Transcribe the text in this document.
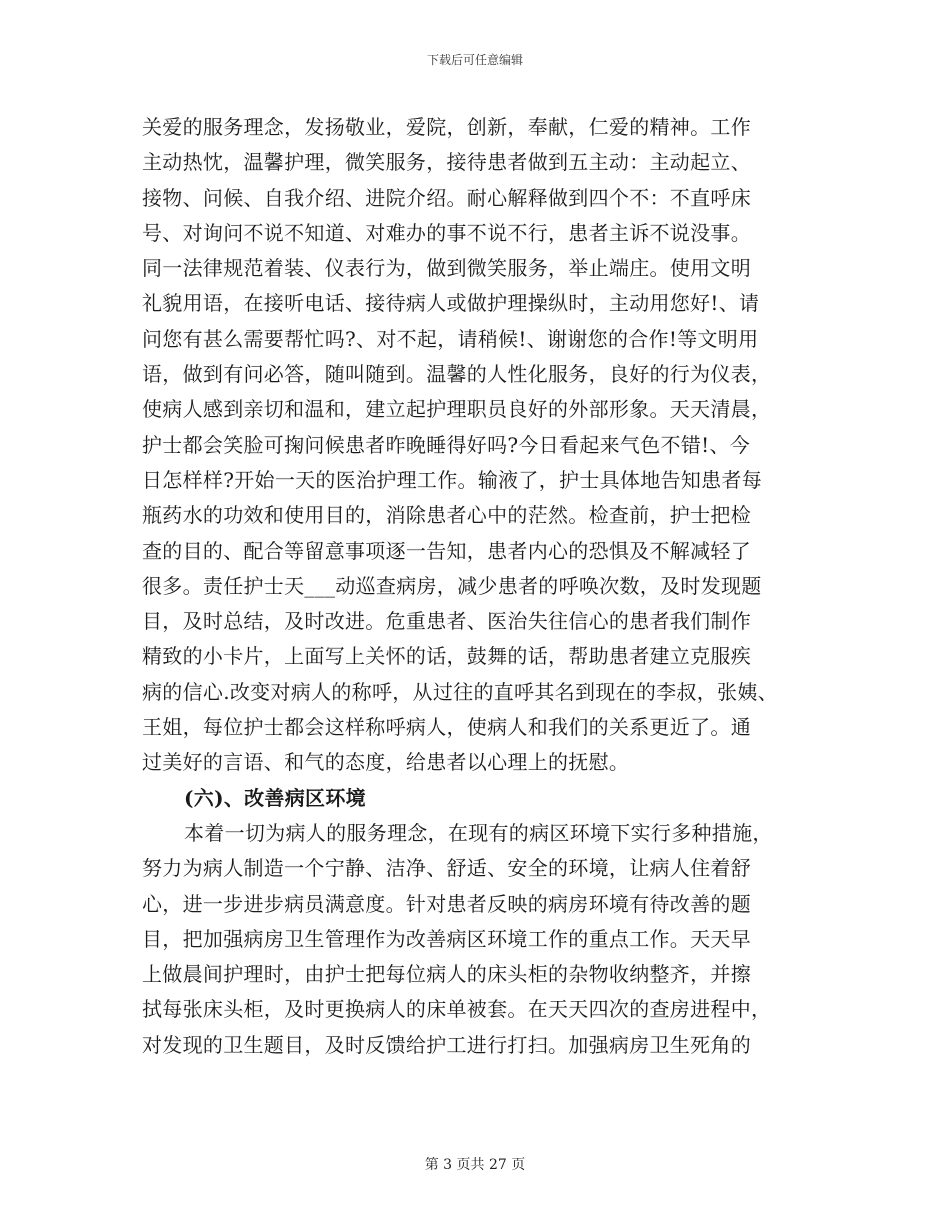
下载后可任意编辑
关爱的服务理念，发扬敬业，爱院，创新，奉献，仁爱的精神。工作
主动热忱，温馨护理，微笑服务，接待患者做到五主动：主动起立、
接物、问候、自我介绍、进院介绍。耐心解释做到四个不：不直呼床
号、对询问不说不知道、对难办的事不说不行，患者主诉不说没事。
同一法律规范着装、仪表行为，做到微笑服务，举止端庄。使用文明
礼貌用语，在接听电话、接待病人或做护理操纵时，主动用您好!、请
问您有甚么需要帮忙吗?、对不起，请稍候!、谢谢您的合作!等文明用
语，做到有问必答，随叫随到。温馨的人性化服务，良好的行为仪表，
使病人感到亲切和温和，建立起护理职员良好的外部形象。天天清晨，
护士都会笑脸可掬问候患者昨晚睡得好吗?今日看起来气色不错!、今
日怎样样?开始一天的医治护理工作。输液了，护士具体地告知患者每
瓶药水的功效和使用目的，消除患者心中的茫然。检查前，护士把检
查的目的、配合等留意事项逐一告知，患者内心的恐惧及不解减轻了
很多。责任护士天___动巡查病房，减少患者的呼唤次数，及时发现题
目，及时总结，及时改进。危重患者、医治失往信心的患者我们制作
精致的小卡片，上面写上关怀的话，鼓舞的话，帮助患者建立克服疾
病的信心.改变对病人的称呼，从过往的直呼其名到现在的李叔，张姨、
王姐，每位护士都会这样称呼病人，使病人和我们的关系更近了。通
过美好的言语、和气的态度，给患者以心理上的抚慰。
(六)、改善病区环境
本着一切为病人的服务理念，在现有的病区环境下实行多种措施，
努力为病人制造一个宁静、洁净、舒适、安全的环境，让病人住着舒
心，进一步进步病员满意度。针对患者反映的病房环境有待改善的题
目，把加强病房卫生管理作为改善病区环境工作的重点工作。天天早
上做晨间护理时，由护士把每位病人的床头柜的杂物收纳整齐，并擦
拭每张床头柜，及时更换病人的床单被套。在天天四次的查房进程中，
对发现的卫生题目，及时反馈给护工进行打扫。加强病房卫生死角的
第 3 页共 27 页
